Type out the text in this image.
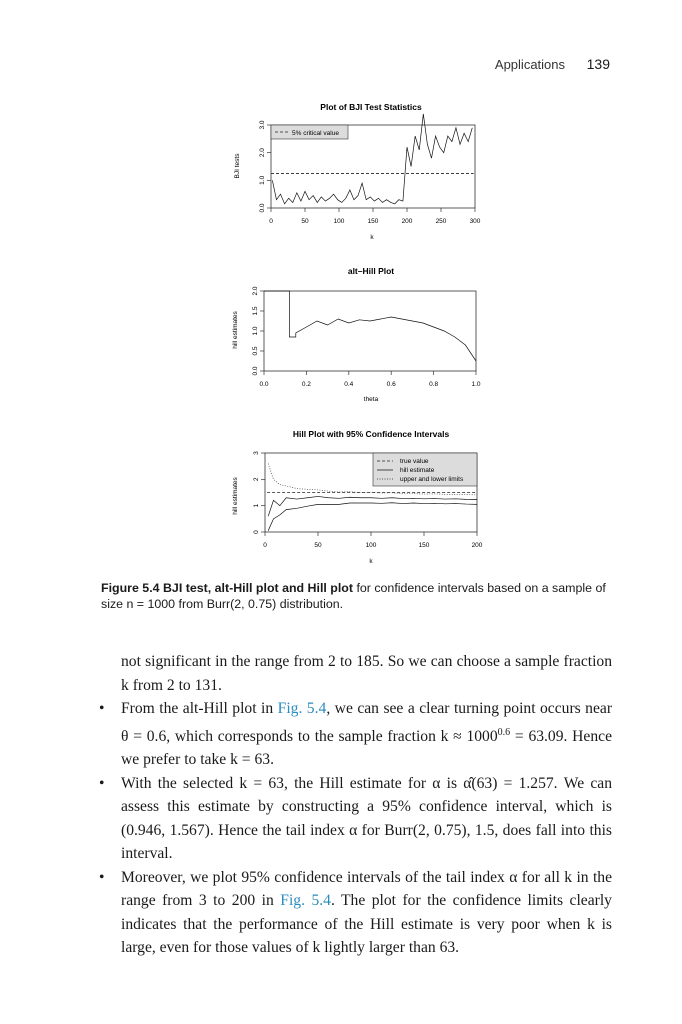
Applications 139
Plot of BJI Test Statistics
5% critical value
BJI tests
k
0	50	100	150	200	250	300
0.0
1.0
2.0
3.0
alt–Hill Plot
hill estimates
theta
0.0	0.2	0.4	0.6	0.8	1.0
0.0
0.5
1.0
1.5
2.0
Hill Plot with 95% Confidence Intervals
true value
hill estimate
upper and lower limits
hill estimates
k
0	50	100	150	200
0
1
2
3
Figure 5.4 BJI test, alt-Hill plot and Hill plot for confidence intervals based on a sample of size n = 1000 from Burr(2, 0.75) distribution.

not significant in the range from 2 to 185. So we can choose a sample fraction k from 2 to 131.

• From the alt-Hill plot in Fig. 5.4, we can see a clear turning point occurs near θ = 0.6, which corresponds to the sample fraction $k \approx 1000^{0.6} = 63.09$. Hence we prefer to take k = 63.
• With the selected k = 63, the Hill estimate for α is α̂(63) = 1.257. We can assess this estimate by constructing a 95% confidence interval, which is (0.946, 1.567). Hence the tail index α for Burr(2, 0.75), 1.5, does fall into this interval.
• Moreover, we plot 95% confidence intervals of the tail index α for all k in the range from 3 to 200 in Fig. 5.4. The plot for the confidence limits clearly indicates that the performance of the Hill estimate is very poor when k is large, even for those values of k lightly larger than 63.
